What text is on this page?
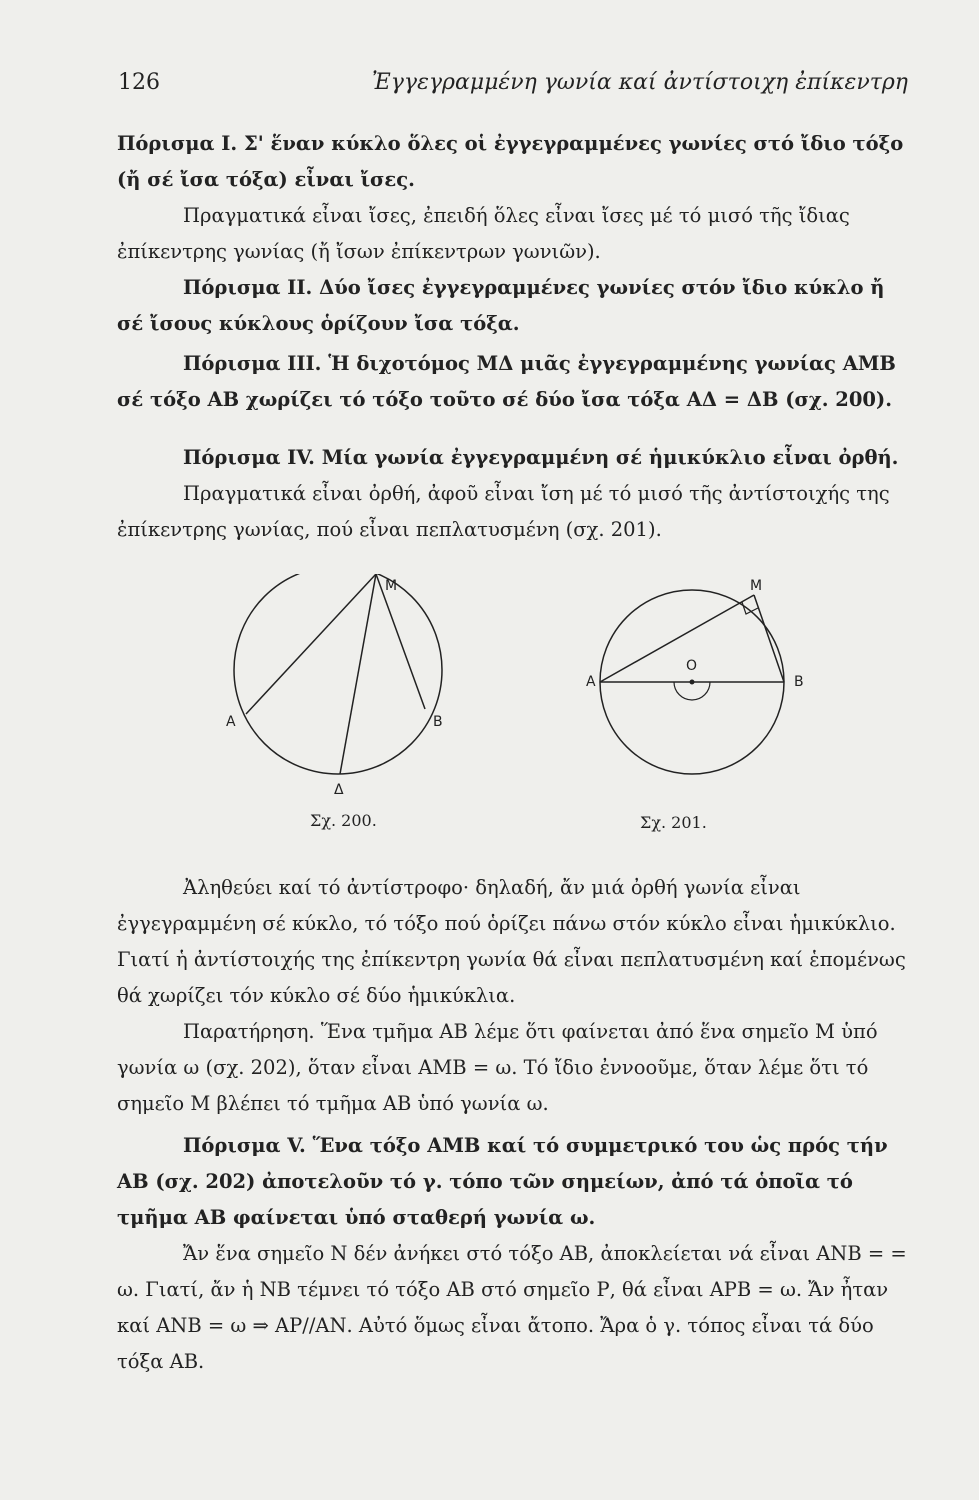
126	Ἐγγεγραμμένη γωνία καί ἀντίστοιχη ἐπίκεντρη

Πόρισμα I. Σ' ἕναν κύκλο ὅλες οἱ ἐγγεγραμμένες γωνίες στό ἴδιο τόξο (ἤ σέ ἴσα τόξα) εἶναι ἴσες.

Πραγματικά εἶναι ἴσες, ἐπειδή ὅλες εἶναι ἴσες μέ τό μισό τῆς ἴδιας ἐπίκεντρης γωνίας (ἤ ἴσων ἐπίκεντρων γωνιῶν).

Πόρισμα II. Δύο ἴσες ἐγγεγραμμένες γωνίες στόν ἴδιο κύκλο ἤ σέ ἴσους κύκλους ὁρίζουν ἴσα τόξα.

Πόρισμα III. Ἡ διχοτόμος ΜΔ μιᾶς ἐγγεγραμμένης γωνίας ΑΜΒ σέ τόξο ΑΒ χωρίζει τό τόξο τοῦτο σέ δύο ἴσα τόξα ΑΔ = ΔΒ (σχ. 200).

Πόρισμα IV. Μία γωνία ἐγγεγραμμένη σέ ἡμικύκλιο εἶναι ὀρθή.

Πραγματικά εἶναι ὀρθή, ἀφοῦ εἶναι ἴση μέ τό μισό τῆς ἀντίστοιχής της ἐπίκεντρης γωνίας, πού εἶναι πεπλατυσμένη (σχ. 201).

Α	Β
Μ
Δ
Σχ. 200.
Α	Β
Μ
Ο
Σχ. 201.

Ἀληθεύει καί τό ἀντίστροφο· δηλαδή, ἄν μιά ὀρθή γωνία εἶναι ἐγγεγραμμένη σέ κύκλο, τό τόξο πού ὁρίζει πάνω στόν κύκλο εἶναι ἡμικύκλιο. Γιατί ἡ ἀντίστοιχής της ἐπίκεντρη γωνία θά εἶναι πεπλατυσμένη καί ἑπομένως θά χωρίζει τόν κύκλο σέ δύο ἡμικύκλια.

Παρατήρηση. Ἕνα τμῆμα ΑΒ λέμε ὅτι φαίνεται ἀπό ἕνα σημεῖο Μ ὑπό γωνία ω (σχ. 202), ὅταν εἶναι ΑΜΒ = ω. Τό ἴδιο ἐννοοῦμε, ὅταν λέμε ὅτι τό σημεῖο Μ βλέπει τό τμῆμα ΑΒ ὑπό γωνία ω.

Πόρισμα V. Ἕνα τόξο ΑΜΒ καί τό συμμετρικό του ὡς πρός τήν ΑΒ (σχ. 202) ἀποτελοῦν τό γ. τόπο τῶν σημείων, ἀπό τά ὁποῖα τό τμῆμα ΑΒ φαίνεται ὑπό σταθερή γωνία ω.

Ἄν ἕνα σημεῖο Ν δέν ἀνήκει στό τόξο ΑΒ, ἀποκλείεται νά εἶναι ΑΝΒ = = ω. Γιατί, ἄν ἡ ΝΒ τέμνει τό τόξο ΑΒ στό σημεῖο Ρ, θά εἶναι ΑΡΒ = ω. Ἄν ἦταν καί ΑΝΒ = ω ⇒ ΑΡ//ΑΝ. Αὐτό ὅμως εἶναι ἄτοπο. Ἄρα ὁ γ. τόπος εἶναι τά δύο τόξα ΑΒ.
